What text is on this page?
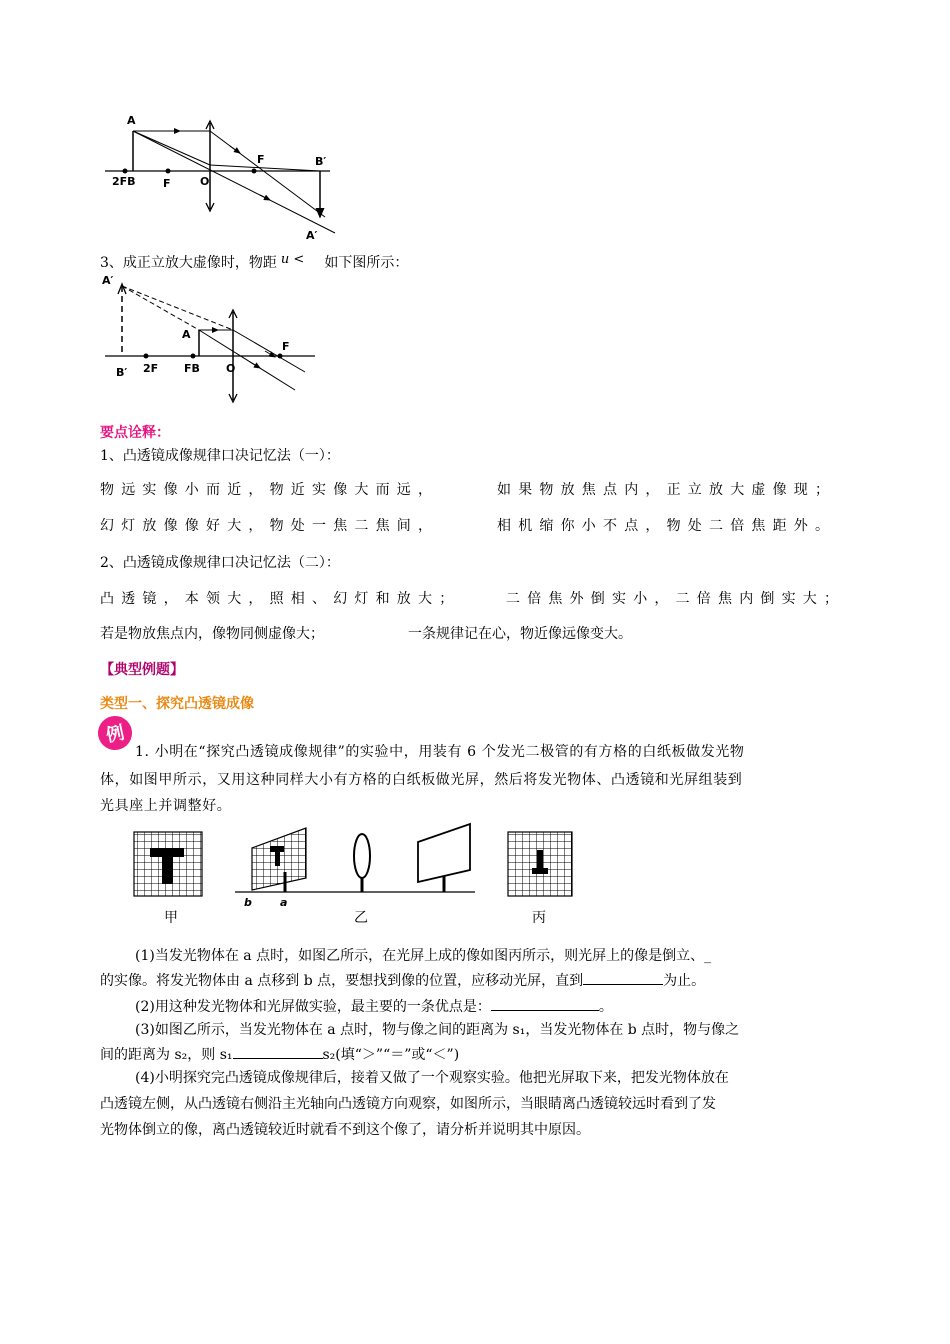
A
F	B′
2FB F	O
A′
3、成正立放大虚像时，物距 u < 如下图所示：
A′
A
F
B′ 2F FB O
要点诠释：
1、凸透镜成像规律口决记忆法（一）：
物远实像小而近，物近实像大而远，	如果物放焦点内，正立放大虚像现；
幻灯放像像好大，物处一焦二焦间，	相机缩你小不点，物处二倍焦距外。
2、凸透镜成像规律口决记忆法（二）：
凸透镜，本领大，照相、幻灯和放大；	二倍焦外倒实小，二倍焦内倒实大；
若是物放焦点内，像物同侧虚像大；	一条规律记在心，物近像远像变大。
【典型例题】
类型一、探究凸透镜成像
例
1. 小明在“探究凸透镜成像规律”的实验中，用装有 6 个发光二极管的有方格的白纸板做发光物
体，如图甲所示，又用这种同样大小有方格的白纸板做光屏，然后将发光物体、凸透镜和光屏组装到
光具座上并调整好。
b	a
甲	乙	丙
(1)当发光物体在 a 点时，如图乙所示，在光屏上成的像如图丙所示，则光屏上的像是倒立、_
的实像。将发光物体由 a 点移到 b 点，要想找到像的位置，应移动光屏，直到	为止。
(2)用这种发光物体和光屏做实验，最主要的一条优点是：	。
(3)如图乙所示，当发光物体在 a 点时，物与像之间的距离为 s₁，当发光物体在 b 点时，物与像之
间的距离为 s₂，则 s₁	s₂(填“＞”“＝”或“＜”)
(4)小明探究完凸透镜成像规律后，接着又做了一个观察实验。他把光屏取下来，把发光物体放在
凸透镜左侧，从凸透镜右侧沿主光轴向凸透镜方向观察，如图所示，当眼睛离凸透镜较远时看到了发
光物体倒立的像，离凸透镜较近时就看不到这个像了，请分析并说明其中原因。
